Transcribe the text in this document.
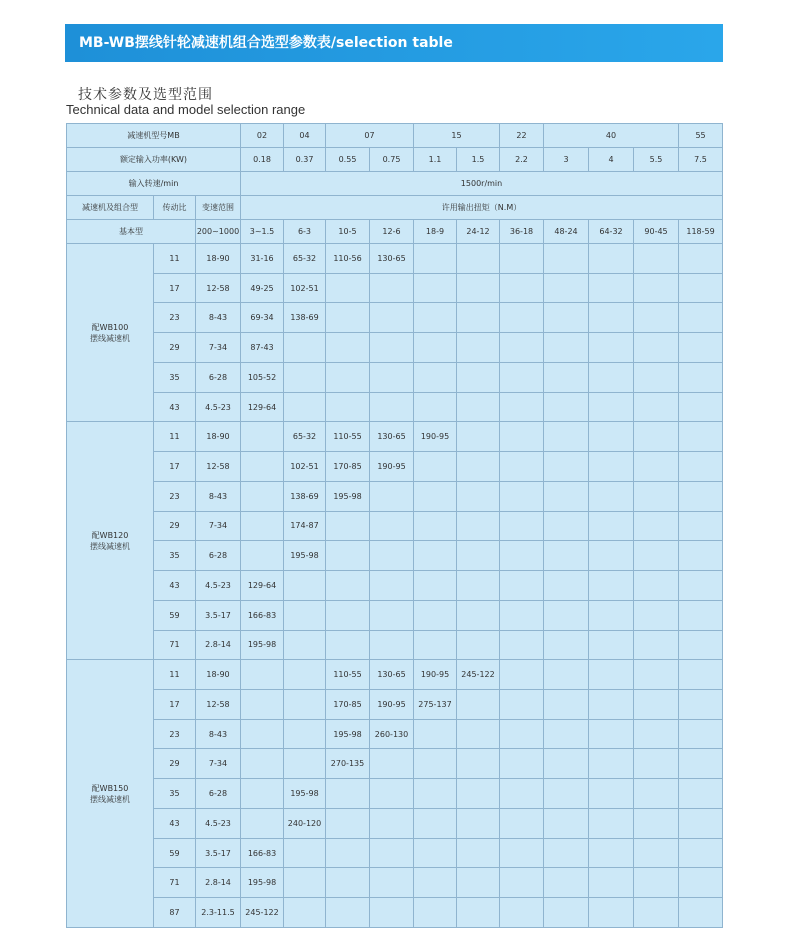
MB-WB摆线针轮减速机组合选型参数表/selection table
技术参数及选型范围
Technical data and model selection range
减速机型号MB			02	04	07		15		22	40			55	
额定输入功率(KW)			0.18	0.37	0.55	0.75	1.1	1.5	2.2	3	4	5.5	7.5	
输入转速/min			1500r/min											
减速机及组合型	传动比	变速范围	许用输出扭矩（N.M）											
基本型		200~1000	3~1.5	6-3	10-5	12-6	18-9	24-12	36-18	48-24	64-32	90-45	118-59	
配WB100
摆线减速机	11	18-90	31-16	65-32	110-56	130-65								
	17	12-58	49-25	102-51										
	23	8-43	69-34	138-69										
	29	7-34	87-43											
	35	6-28	105-52											
	43	4.5-23	129-64											
配WB120
摆线减速机	11	18-90		65-32	110-55	130-65	190-95							
	17	12-58		102-51	170-85	190-95								
	23	8-43		138-69	195-98									
	29	7-34		174-87										
	35	6-28		195-98										
	43	4.5-23	129-64											
	59	3.5-17	166-83											
	71	2.8-14	195-98											
配WB150
摆线减速机	11	18-90			110-55	130-65	190-95	245-122						
	17	12-58			170-85	190-95	275-137							
	23	8-43			195-98	260-130								
	29	7-34			270-135									
	35	6-28		195-98										
	43	4.5-23		240-120										
	59	3.5-17	166-83											
	71	2.8-14	195-98											
	87	2.3-11.5	245-122											
